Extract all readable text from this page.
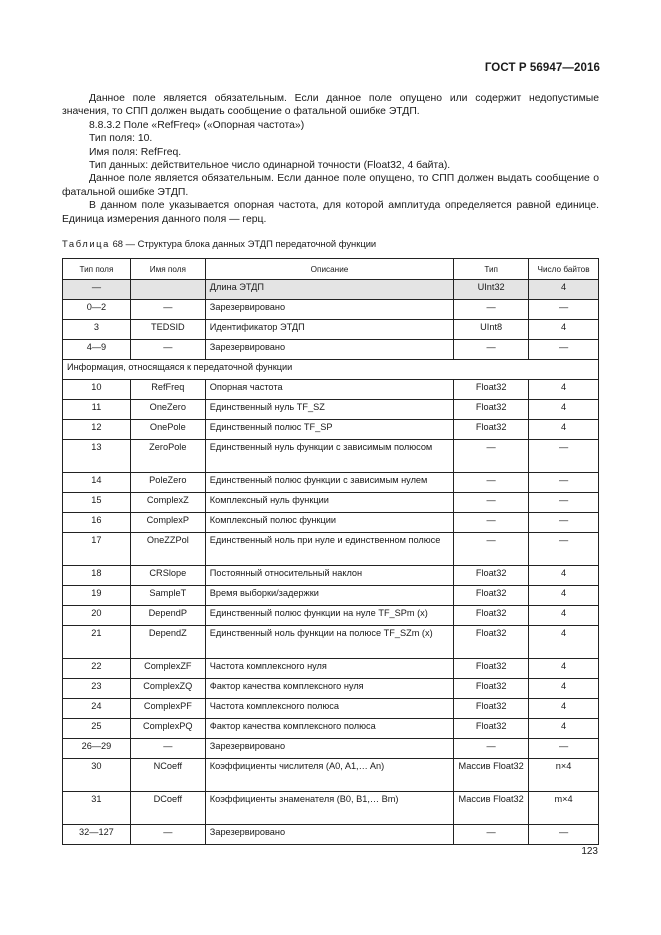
ГОСТ Р 56947—2016

Данное поле является обязательным. Если данное поле опущено или содержит недопустимые значения, то СПП должен выдать сообщение о фатальной ошибке ЭТДП.

8.8.3.2 Поле «RefFreq» («Опорная частота»)

Тип поля: 10.

Имя поля: RefFreq.

Тип данных: действительное число одинарной точности (Float32, 4 байта).

Данное поле является обязательным. Если данное поле опущено, то СПП должен выдать сообщение о фатальной ошибке ЭТДП.

В данном поле указывается опорная частота, для которой амплитуда определяется равной единице. Единица измерения данного поля — герц.

Таблица 68 — Структура блока данных ЭТДП передаточной функции
Тип поля	Имя поля	Описание	Тип	Число байтов
—		Длина ЭТДП	UInt32	4
0—2	—	Зарезервировано	—	—
3	TEDSID	Идентификатор ЭТДП	UInt8	4
4—9	—	Зарезервировано	—	—
Информация, относящаяся к передаточной функции				
10	RefFreq	Опорная частота	Float32	4
11	OneZero	Единственный нуль TF_SZ	Float32	4
12	OnePole	Единственный полюс TF_SP	Float32	4
13	ZeroPole	Единственный нуль функции с зависимым полюсом	—	—
14	PoleZero	Единственный полюс функции с зависимым нулем	—	—
15	ComplexZ	Комплексный нуль функции	—	—
16	ComplexP	Комплексный полюс функции	—	—
17	OneZZPol	Единственный ноль при нуле и единственном полюсе	—	—
18	CRSlope	Постоянный относительный наклон	Float32	4
19	SampleT	Время выборки/задержки	Float32	4
20	DependP	Единственный полюс функции на нуле TF_SPm (x)	Float32	4
21	DependZ	Единственный ноль функции на полюсе TF_SZm (x)	Float32	4
22	ComplexZF	Частота комплексного нуля	Float32	4
23	ComplexZQ	Фактор качества комплексного нуля	Float32	4
24	ComplexPF	Частота комплексного полюса	Float32	4
25	ComplexPQ	Фактор качества комплексного полюса	Float32	4
26—29	—	Зарезервировано	—	—
30	NCoeff	Коэффициенты числителя (A0, A1,… An)	Массив Float32	n×4
31	DCoeff	Коэффициенты знаменателя (B0, B1,… Bm)	Массив Float32	m×4
32—127	—	Зарезервировано	—	—
123
